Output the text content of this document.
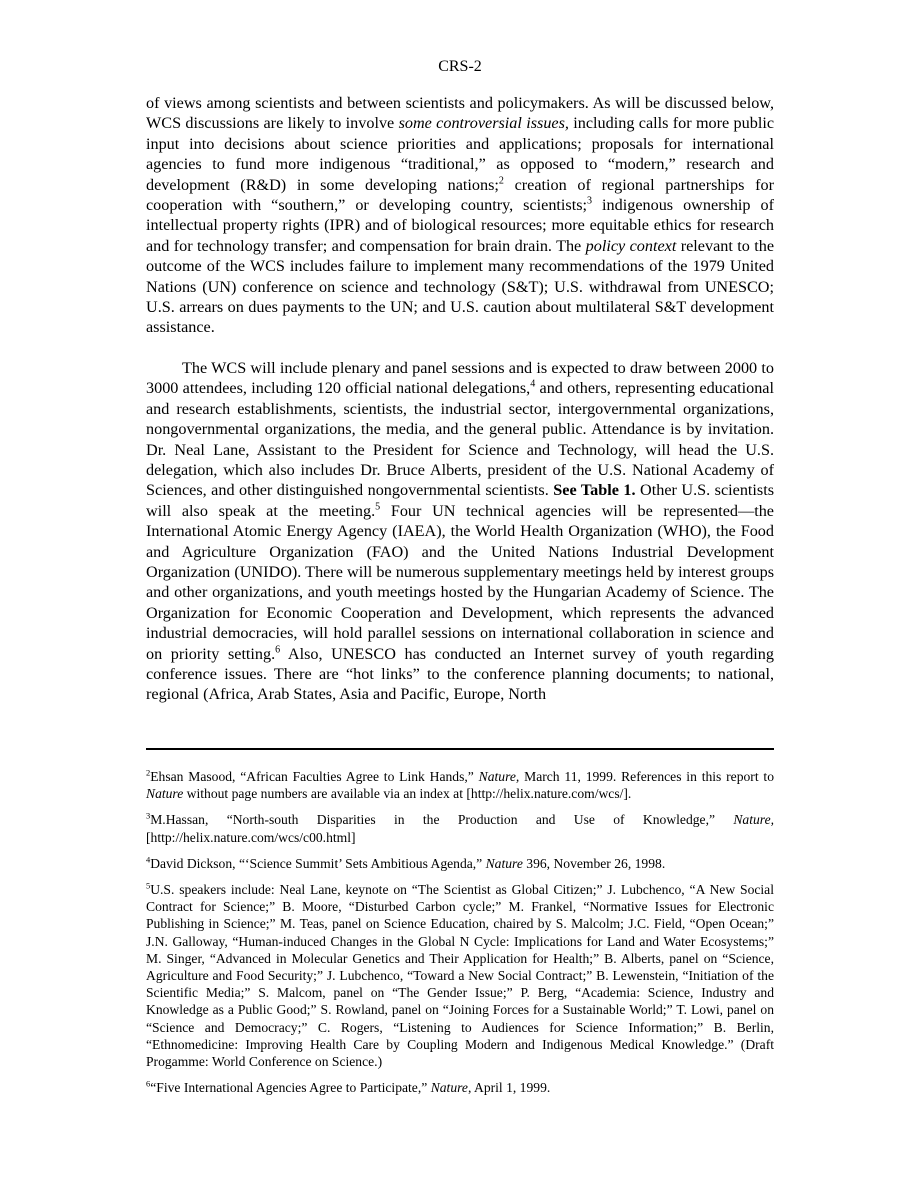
CRS-2

of views among scientists and between scientists and policymakers. As will be discussed below, WCS discussions are likely to involve some controversial issues, including calls for more public input into decisions about science priorities and applications; proposals for international agencies to fund more indigenous “traditional,” as opposed to “modern,” research and development (R&D) in some developing nations;$^2$ creation of regional partnerships for cooperation with “southern,” or developing country, scientists;$^3$ indigenous ownership of intellectual property rights (IPR) and of biological resources; more equitable ethics for research and for technology transfer; and compensation for brain drain. The policy context relevant to the outcome of the WCS includes failure to implement many recommendations of the 1979 United Nations (UN) conference on science and technology (S&T); U.S. withdrawal from UNESCO; U.S. arrears on dues payments to the UN; and U.S. caution about multilateral S&T development assistance.

The WCS will include plenary and panel sessions and is expected to draw between 2000 to 3000 attendees, including 120 official national delegations,$^4$ and others, representing educational and research establishments, scientists, the industrial sector, intergovernmental organizations, nongovernmental organizations, the media, and the general public. Attendance is by invitation. Dr. Neal Lane, Assistant to the President for Science and Technology, will head the U.S. delegation, which also includes Dr. Bruce Alberts, president of the U.S. National Academy of Sciences, and other distinguished nongovernmental scientists. See Table 1. Other U.S. scientists will also speak at the meeting.$^5$ Four UN technical agencies will be represented—the International Atomic Energy Agency (IAEA), the World Health Organization (WHO), the Food and Agriculture Organization (FAO) and the United Nations Industrial Development Organization (UNIDO). There will be numerous supplementary meetings held by interest groups and other organizations, and youth meetings hosted by the Hungarian Academy of Science. The Organization for Economic Cooperation and Development, which represents the advanced industrial democracies, will hold parallel sessions on international collaboration in science and on priority setting.$^6$ Also, UNESCO has conducted an Internet survey of youth regarding conference issues. There are “hot links” to the conference planning documents; to national, regional (Africa, Arab States, Asia and Pacific, Europe, North

$^2$Ehsan Masood, “African Faculties Agree to Link Hands,” Nature, March 11, 1999. References in this report to Nature without page numbers are available via an index at [http://helix.nature.com/wcs/].

$^3$M.Hassan, “North-south Disparities in the Production and Use of Knowledge,” Nature, [http://helix.nature.com/wcs/c00.html]

$^4$David Dickson, “‘Science Summit’ Sets Ambitious Agenda,” Nature 396, November 26, 1998.

$^5$U.S. speakers include: Neal Lane, keynote on “The Scientist as Global Citizen;” J. Lubchenco, “A New Social Contract for Science;” B. Moore, “Disturbed Carbon cycle;” M. Frankel, “Normative Issues for Electronic Publishing in Science;” M. Teas, panel on Science Education, chaired by S. Malcolm; J.C. Field, “Open Ocean;” J.N. Galloway, “Human-induced Changes in the Global N Cycle: Implications for Land and Water Ecosystems;” M. Singer, “Advanced in Molecular Genetics and Their Application for Health;” B. Alberts, panel on “Science, Agriculture and Food Security;” J. Lubchenco, “Toward a New Social Contract;” B. Lewenstein, “Initiation of the Scientific Media;” S. Malcom, panel on “The Gender Issue;” P. Berg, “Academia: Science, Industry and Knowledge as a Public Good;” S. Rowland, panel on “Joining Forces for a Sustainable World;” T. Lowi, panel on “Science and Democracy;” C. Rogers, “Listening to Audiences for Science Information;” B. Berlin, “Ethnomedicine: Improving Health Care by Coupling Modern and Indigenous Medical Knowledge.” (Draft Progamme: World Conference on Science.)

$^6$“Five International Agencies Agree to Participate,” Nature, April 1, 1999.
